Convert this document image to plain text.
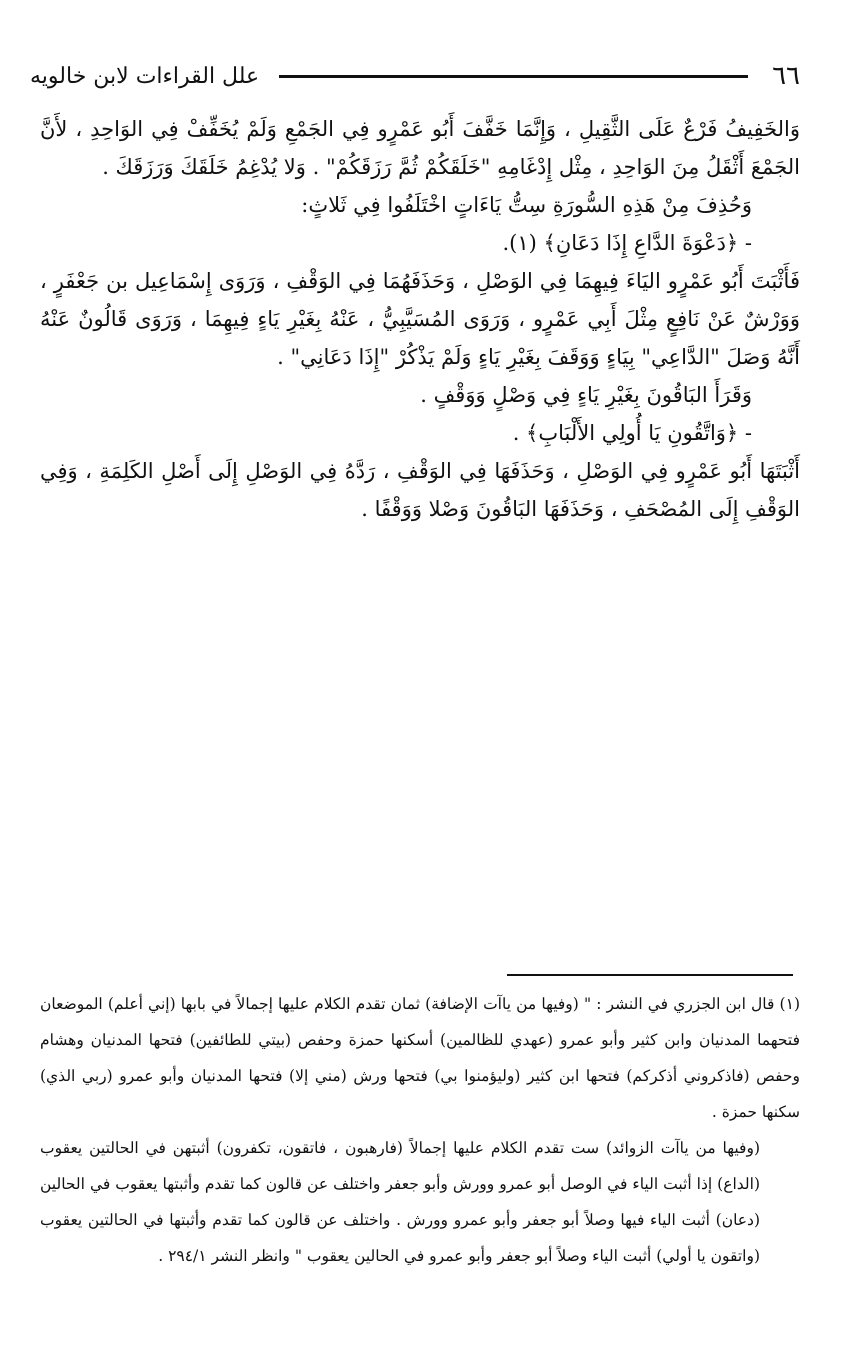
٦٦
علل القراءات لابن خالويه

وَالخَفِيفُ فَرْعٌ عَلَى الثَّقِيلِ ، وَإِنَّمَا خَفَّفَ أَبُو عَمْرٍو فِي الجَمْعِ وَلَمْ يُخَفِّفْ فِي الوَاحِدِ ، لأَنَّ الجَمْعَ أَثْقَلُ مِنَ الوَاحِدِ ، مِثْل إِدْغَامِهِ "خَلَقَكُمْ ثُمَّ رَزَقَكُمْ" . وَلا يُدْغِمُ خَلَقَكَ وَرَزَقَكَ .

وَحُذِفَ مِنْ هَذِهِ السُّورَةِ سِتُّ يَاءَاتٍ اخْتَلَفُوا فِي ثَلاثٍ:

- ﴿دَعْوَةَ الدَّاعِ إِذَا دَعَانِ﴾ (١).

فَأَثْبَتَ أَبُو عَمْرٍو اليَاءَ فِيهِمَا فِي الوَصْلِ ، وَحَذَفَهُمَا فِي الوَقْفِ ، وَرَوَى إِسْمَاعِيل بن جَعْفَرٍ ، وَوَرْشٌ عَنْ نَافِعٍ مِثْلَ أَبِي عَمْرٍو ، وَرَوَى المُسَيَّبِيُّ ، عَنْهُ بِغَيْرِ يَاءٍ فِيهِمَا ، وَرَوَى قَالُونٌ عَنْهُ أَنَّهُ وَصَلَ "الدَّاعِي" بِيَاءٍ وَوَقَفَ بِغَيْرِ يَاءٍ وَلَمْ يَذْكُرْ "إِذَا دَعَانِي" .

وَقَرَأَ البَاقُونَ بِغَيْرِ يَاءٍ فِي وَصْلٍ وَوَقْفٍ .

- ﴿وَاتَّقُونِ يَا أُولِي الأَلْبَابِ﴾ .

أَثْبَتَهَا أَبُو عَمْرٍو فِي الوَصْلِ ، وَحَذَفَهَا فِي الوَقْفِ ، رَدَّهُ فِي الوَصْلِ إِلَى أَصْلِ الكَلِمَةِ ، وَفِي الوَقْفِ إِلَى المُصْحَفِ ، وَحَذَفَهَا البَاقُونَ وَصْلا وَوَقْفًا .

(١) قال ابن الجزري في النشر : " (وفيها من ياآت الإضافة) ثمان تقدم الكلام عليها إجمالاً في بابها (إني أعلم) الموضعان فتحهما المدنيان وابن كثير وأبو عمرو (عهدي للظالمين) أسكنها حمزة وحفص (بيتي للطائفين) فتحها المدنيان وهشام وحفص (فاذكروني أذكركم) فتحها ابن كثير (وليؤمنوا بي) فتحها ورش (مني إلا) فتحها المدنيان وأبو عمرو (ربي الذي) سكنها حمزة .

(وفيها من ياآت الزوائد) ست تقدم الكلام عليها إجمالاً (فارهبون ، فاتقون، تكفرون) أثبتهن في الحالتين يعقوب (الداع) إذا أثبت الياء في الوصل أبو عمرو وورش وأبو جعفر واختلف عن قالون كما تقدم وأثبتها يعقوب في الحالين (دعان) أثبت الياء فيها وصلاً أبو جعفر وأبو عمرو وورش . واختلف عن قالون كما تقدم وأثبتها في الحالتين يعقوب (واتقون يا أولي) أثبت الياء وصلاً أبو جعفر وأبو عمرو في الحالين يعقوب " وانظر النشر ٢٩٤/١ .
